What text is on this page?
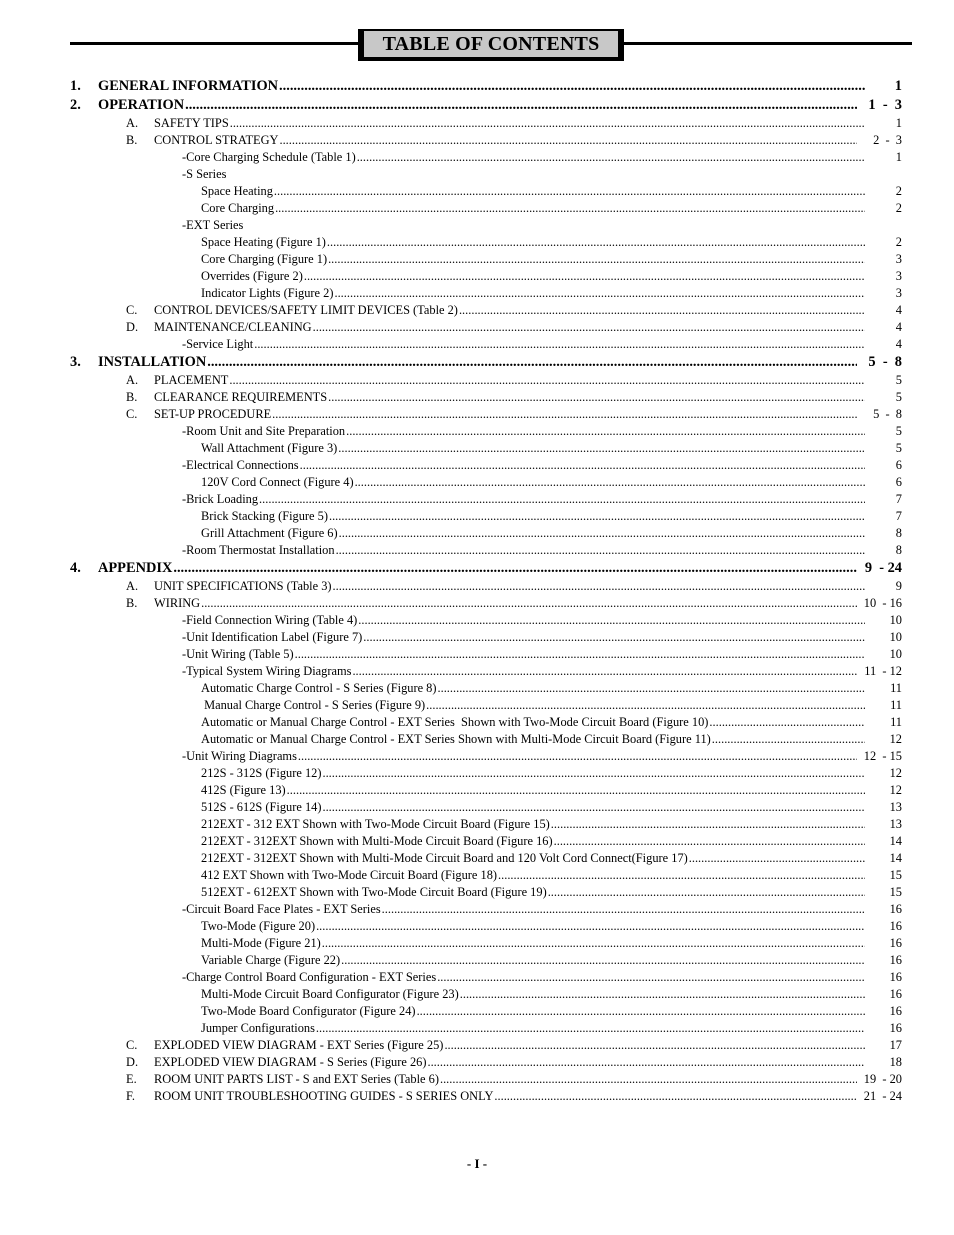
TABLE OF CONTENTS
1. GENERAL INFORMATION .....	1
2. OPERATION .....	1  -  3
A. SAFETY TIPS .....	1
B. CONTROL STRATEGY .....	2  -  3
-Core Charging Schedule (Table 1) .....	1
-S Series
Space Heating .....	2
Core Charging .....	2
-EXT Series
Space Heating (Figure 1) .....	2
Core Charging (Figure 1) .....	3
Overrides (Figure 2) .....	3
Indicator Lights (Figure 2) .....	3
C. CONTROL DEVICES/SAFETY LIMIT DEVICES (Table 2) .....	4
D. MAINTENANCE/CLEANING .....	4
-Service Light .....	4
3. INSTALLATION .....	5  -  8
A. PLACEMENT .....	5
B. CLEARANCE REQUIREMENTS .....	5
C. SET-UP PROCEDURE .....	5  -  8
-Room Unit and Site Preparation .....	5
Wall Attachment (Figure 3) .....	5
-Electrical Connections .....	6
120V Cord Connect (Figure 4) .....	6
-Brick Loading .....	7
Brick Stacking (Figure 5) .....	7
Grill Attachment (Figure 6) .....	8
-Room Thermostat Installation .....	8
4. APPENDIX .....	9  - 24
A. UNIT SPECIFICATIONS (Table 3) .....	9
B. WIRING .....	10  - 16
-Field Connection Wiring (Table 4) .....	10
-Unit Identification Label (Figure 7) .....	10
-Unit Wiring (Table 5) .....	10
-Typical System Wiring Diagrams .....	11  - 12
Automatic Charge Control - S Series (Figure 8) .....	11
Manual Charge Control - S Series (Figure 9) .....	11
Automatic or Manual Charge Control - EXT Series  Shown with Two-Mode Circuit Board (Figure 10) .....	11
Automatic or Manual Charge Control - EXT Series Shown with Multi-Mode Circuit Board (Figure 11) .....	12
-Unit Wiring Diagrams .....	12  - 15
212S - 312S (Figure 12) .....	12
412S (Figure 13) .....	12
512S - 612S (Figure 14) .....	13
212EXT - 312 EXT Shown with Two-Mode Circuit Board (Figure 15) .....	13
212EXT - 312EXT Shown with Multi-Mode Circuit Board (Figure 16) .....	14
212EXT - 312EXT Shown with Multi-Mode Circuit Board and 120 Volt Cord Connect(Figure 17) .....	14
412 EXT Shown with Two-Mode Circuit Board (Figure 18) .....	15
512EXT - 612EXT Shown with Two-Mode Circuit Board (Figure 19) .....	15
-Circuit Board Face Plates - EXT Series .....	16
Two-Mode (Figure 20) .....	16
Multi-Mode (Figure 21) .....	16
Variable Charge (Figure 22) .....	16
-Charge Control Board Configuration - EXT Series .....	16
Multi-Mode Circuit Board Configurator (Figure 23) .....	16
Two-Mode Board Configurator (Figure 24) .....	16
Jumper Configurations .....	16
C. EXPLODED VIEW DIAGRAM - EXT Series (Figure 25) .....	17
D. EXPLODED VIEW DIAGRAM - S Series (Figure 26) .....	18
E. ROOM UNIT PARTS LIST - S and EXT Series (Table 6) .....	19  - 20
F. ROOM UNIT TROUBLESHOOTING GUIDES - S SERIES ONLY .....	21  - 24
- I -
